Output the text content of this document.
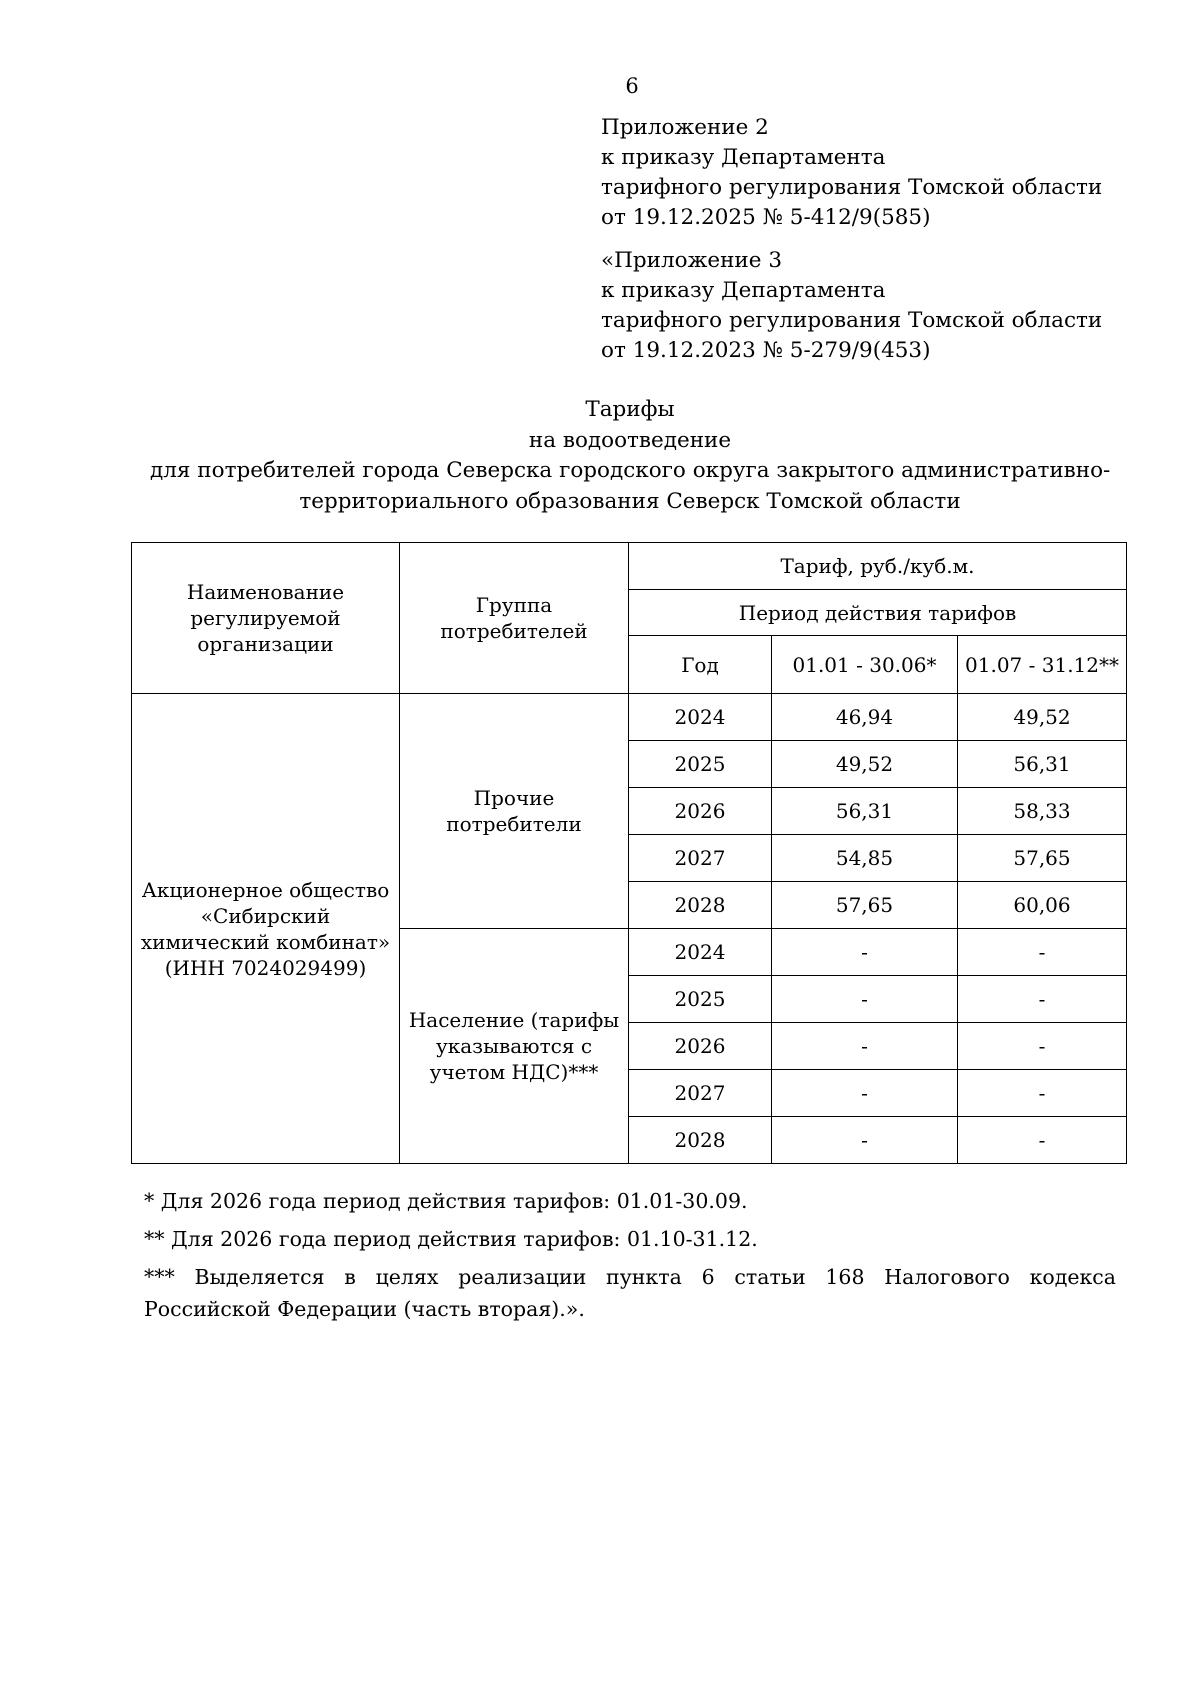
6
Приложение 2
к приказу Департамента
тарифного регулирования Томской области
от 19.12.2025 № 5-412/9(585)
«Приложение 3
к приказу Департамента
тарифного регулирования Томской области
от 19.12.2023 № 5-279/9(453)
Тарифы
на водоотведение
для потребителей города Северска городского округа закрытого административно-
территориального образования Северск Томской области
Наименование регулируемой организации	Группа потребителей	Тариф, руб./куб.м.		
		Период действия тарифов		
		Год	01.01 - 30.06*	01.07 - 31.12**
Акционерное общество «Сибирский химический комбинат» (ИНН 7024029499)	Прочие потребители	2024	46,94	49,52
		2025	49,52	56,31
		2026	56,31	58,33
		2027	54,85	57,65
		2028	57,65	60,06
	Население (тарифы указываются с учетом НДС)***	2024	-	-
		2025	-	-
		2026	-	-
		2027	-	-
		2028	-	-
* Для 2026 года период действия тарифов: 01.01-30.09.
** Для 2026 года период действия тарифов: 01.10-31.12.
*** Выделяется в целях реализации пункта 6 статьи 168 Налогового кодекса Российской Федерации (часть вторая).».
